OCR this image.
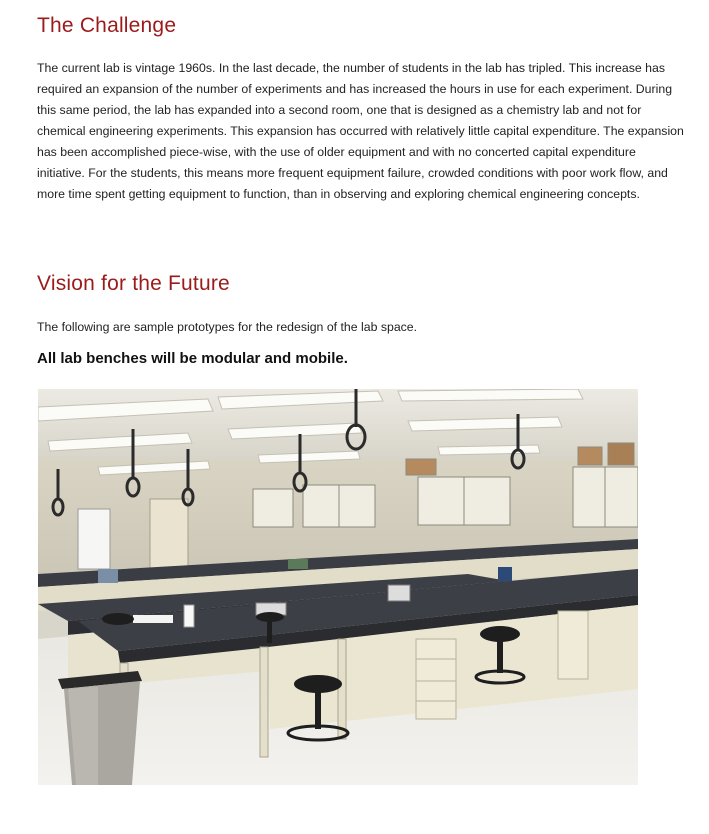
The Challenge

The current lab is vintage 1960s. In the last decade, the number of students in the lab has tripled. This increase has required an expansion of the number of experiments and has increased the hours in use for each experiment. During this same period, the lab has expanded into a second room, one that is designed as a chemistry lab and not for chemical engineering experiments. This expansion has occurred with relatively little capital expenditure. The expansion has been accomplished piece-wise, with the use of older equipment and with no concerted capital expenditure initiative. For the students, this means more frequent equipment failure, crowded conditions with poor work flow, and more time spent getting equipment to function, than in observing and exploring chemical engineering concepts.

Vision for the Future

The following are sample prototypes for the redesign of the lab space.

All lab benches will be modular and mobile.
